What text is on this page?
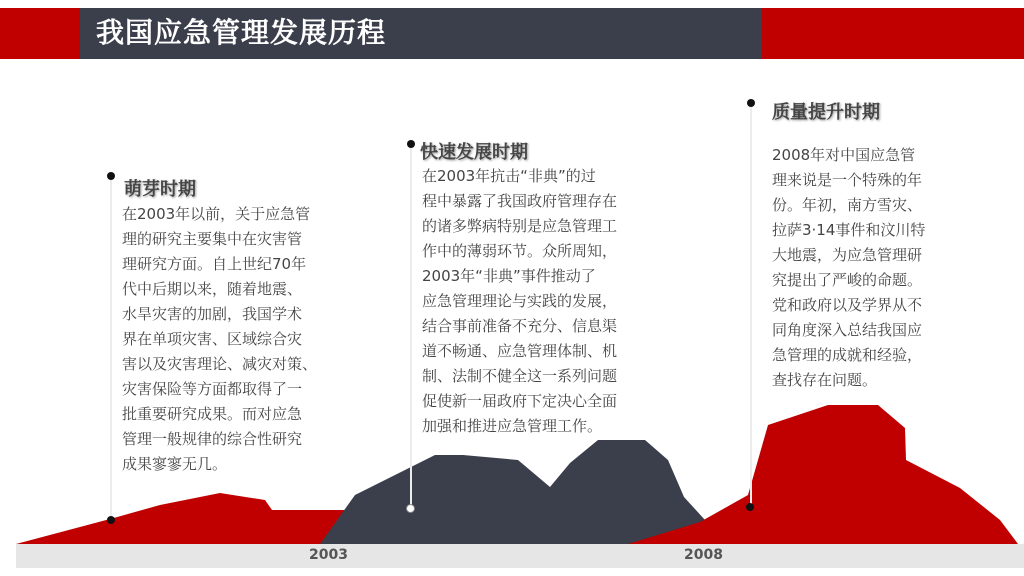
我国应急管理发展历程
2003	2008
萌芽时期
在2003年以前，关于应急管
理的研究主要集中在灾害管
理研究方面。自上世纪70年
代中后期以来，随着地震、
水旱灾害的加剧，我国学术
界在单项灾害、区域综合灾
害以及灾害理论、减灾对策、
灾害保险等方面都取得了一
批重要研究成果。而对应急
管理一般规律的综合性研究
成果寥寥无几。
快速发展时期
在2003年抗击“非典”的过
程中暴露了我国政府管理存在
的诸多弊病特别是应急管理工
作中的薄弱环节。众所周知，
2003年“非典”事件推动了
应急管理理论与实践的发展，
结合事前准备不充分、信息渠
道不畅通、应急管理体制、机
制、法制不健全这一系列问题
促使新一届政府下定决心全面
加强和推进应急管理工作。
质量提升时期
2008年对中国应急管
理来说是一个特殊的年
份。年初，南方雪灾、
拉萨3·14事件和汶川特
大地震，为应急管理研
究提出了严峻的命题。
党和政府以及学界从不
同角度深入总结我国应
急管理的成就和经验，
查找存在问题。
